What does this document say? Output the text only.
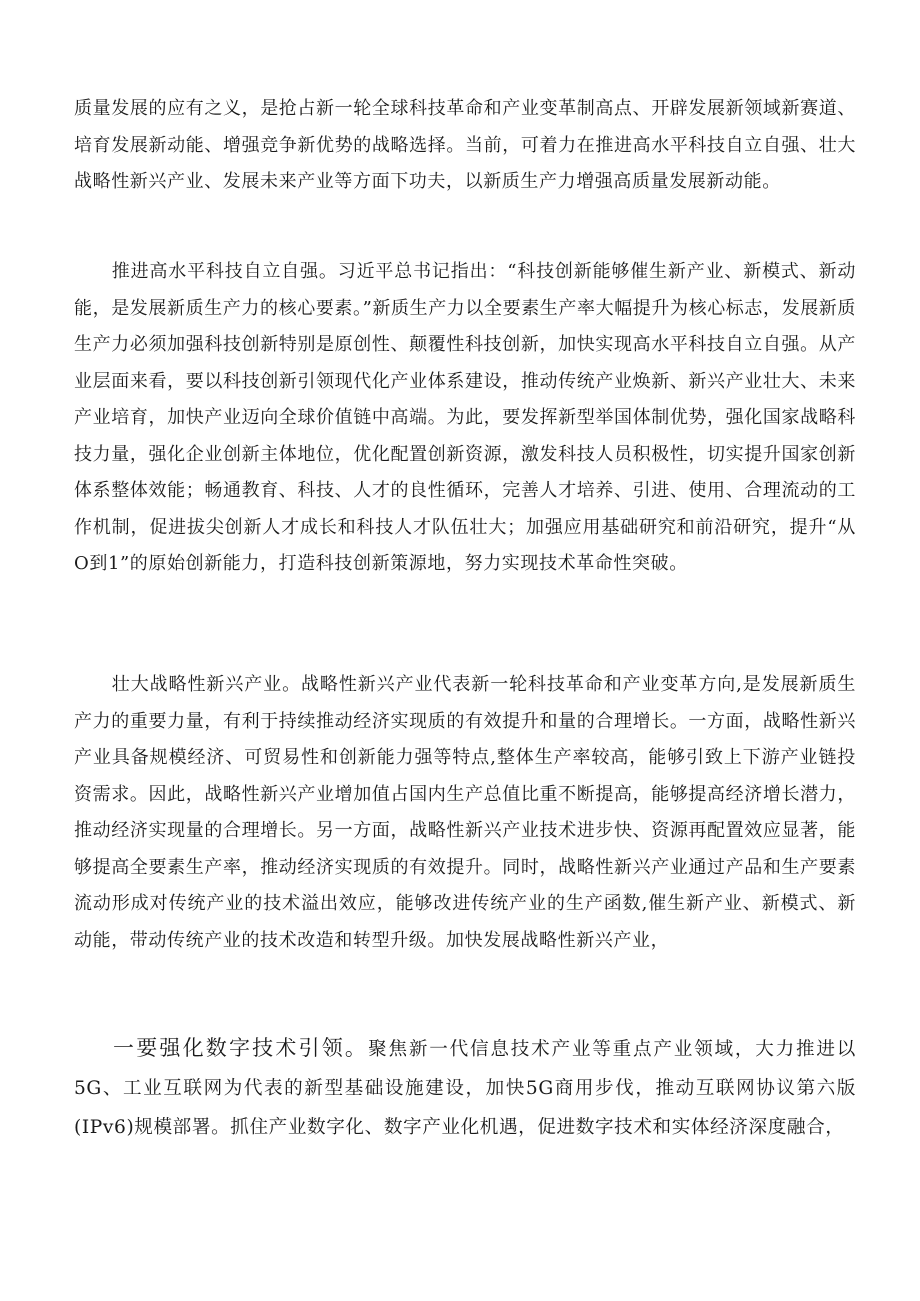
质量发展的应有之义，是抢占新一轮全球科技革命和产业变革制高点、开辟发展新领域新赛道、培育发展新动能、增强竞争新优势的战略选择。当前，可着力在推进高水平科技自立自强、壮大战略性新兴产业、发展未来产业等方面下功夫，以新质生产力增强高质量发展新动能。

推进高水平科技自立自强。习近平总书记指出：“科技创新能够催生新产业、新模式、新动能，是发展新质生产力的核心要素。”新质生产力以全要素生产率大幅提升为核心标志，发展新质生产力必须加强科技创新特别是原创性、颠覆性科技创新，加快实现高水平科技自立自强。从产业层面来看，要以科技创新引领现代化产业体系建设，推动传统产业焕新、新兴产业壮大、未来产业培育，加快产业迈向全球价值链中高端。为此，要发挥新型举国体制优势，强化国家战略科技力量，强化企业创新主体地位，优化配置创新资源，激发科技人员积极性，切实提升国家创新体系整体效能；畅通教育、科技、人才的良性循环，完善人才培养、引进、使用、合理流动的工作机制，促进拔尖创新人才成长和科技人才队伍壮大；加强应用基础研究和前沿研究，提升“从O到1”的原始创新能力，打造科技创新策源地，努力实现技术革命性突破。

壮大战略性新兴产业。战略性新兴产业代表新一轮科技革命和产业变革方向,是发展新质生产力的重要力量，有利于持续推动经济实现质的有效提升和量的合理增长。一方面，战略性新兴产业具备规模经济、可贸易性和创新能力强等特点,整体生产率较高，能够引致上下游产业链投资需求。因此，战略性新兴产业增加值占国内生产总值比重不断提高，能够提高经济增长潜力，推动经济实现量的合理增长。另一方面，战略性新兴产业技术进步快、资源再配置效应显著，能够提高全要素生产率，推动经济实现质的有效提升。同时，战略性新兴产业通过产品和生产要素流动形成对传统产业的技术溢出效应，能够改进传统产业的生产函数,催生新产业、新模式、新动能，带动传统产业的技术改造和转型升级。加快发展战略性新兴产业，

一要强化数字技术引领。聚焦新一代信息技术产业等重点产业领域，大力推进以5G、工业互联网为代表的新型基础设施建设，加快5G商用步伐，推动互联网协议第六版(IPv6)规模部署。抓住产业数字化、数字产业化机遇，促进数字技术和实体经济深度融合，
